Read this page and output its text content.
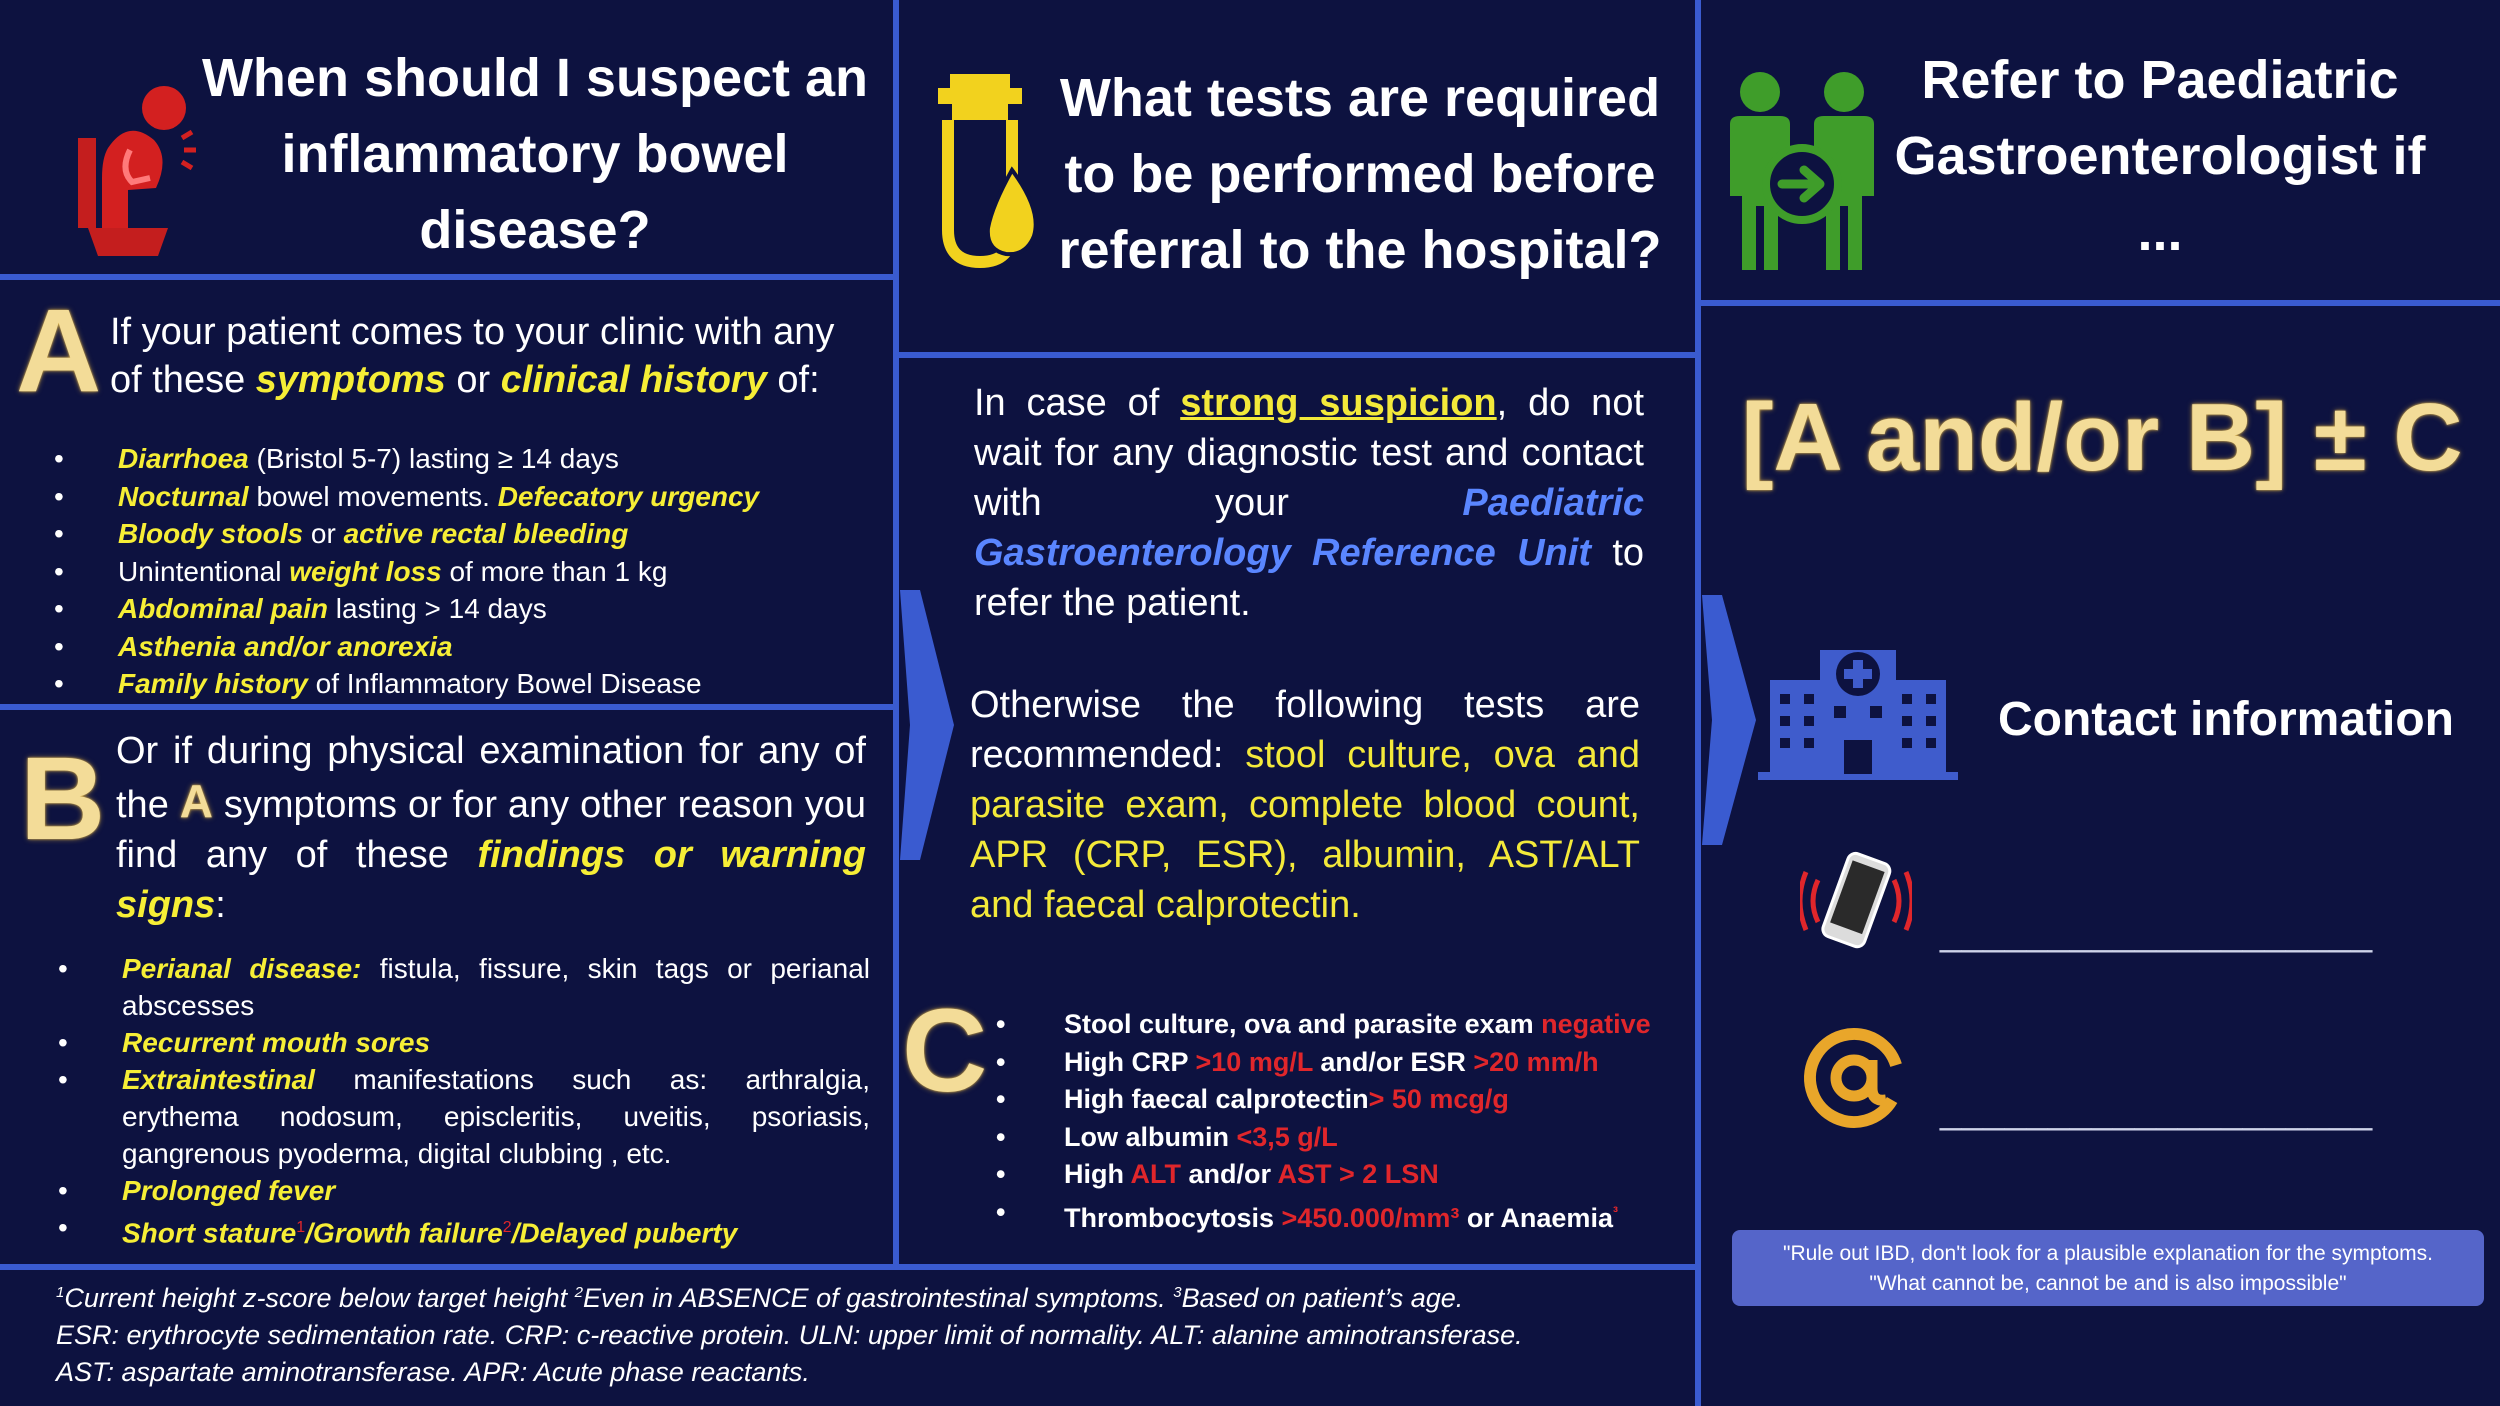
When should I suspect an inflammatory bowel disease?
A If your patient comes to your clinic with any of these symptoms or clinical history of:
• Diarrhoea (Bristol 5-7) lasting ≥ 14 days
• Nocturnal bowel movements. Defecatory urgency
• Bloody stools or active rectal bleeding
• Unintentional weight loss of more than 1 kg
• Abdominal pain lasting > 14 days
• Asthenia and/or anorexia
• Family history of Inflammatory Bowel Disease
B Or if during physical examination for any of the A symptoms or for any other reason you find any of these findings or warning signs:
• Perianal disease: fistula, fissure, skin tags or perianal abscesses
• Recurrent mouth sores
• Extraintestinal manifestations such as: arthralgia, erythema nodosum, episcleritis, uveitis, psoriasis, gangrenous pyoderma, digital clubbing , etc.
• Prolonged fever
• Short stature$^1$/Growth failure$^2$/Delayed puberty
What tests are required to be performed before referral to the hospital?
In case of strong suspicion, do not wait for any diagnostic test and contact with your Paediatric Gastroenterology Reference Unit to refer the patient.
Otherwise the following tests are recommended: stool culture, ova and parasite exam, complete blood count, APR (CRP, ESR), albumin, AST/ALT and faecal calprotectin.
C
•	Stool culture, ova and parasite exam negative
• High CRP >10 mg/L and/or ESR >20 mm/h
• High faecal calprotectin> 50 mcg/g
• Low albumin <3,5 g/L
• High ALT and/or AST > 2 LSN
• Thrombocytosis >450.000/mm³ or Anaemia$^{^3}$
Refer to Paediatric Gastroenterologist if ...
[A and/or B] ± C
Contact information
____________________
____________________
"Rule out IBD, don't look for a plausible explanation for the symptoms.
"What cannot be, cannot be and is also impossible"
$^1$Current height z-score below target height $^2$Even in ABSENCE of gastrointestinal symptoms. $^3$Based on patient’s age.
ESR: erythrocyte sedimentation rate. CRP: c-reactive protein. ULN: upper limit of normality. ALT: alanine aminotransferase.
AST: aspartate aminotransferase. APR: Acute phase reactants.
